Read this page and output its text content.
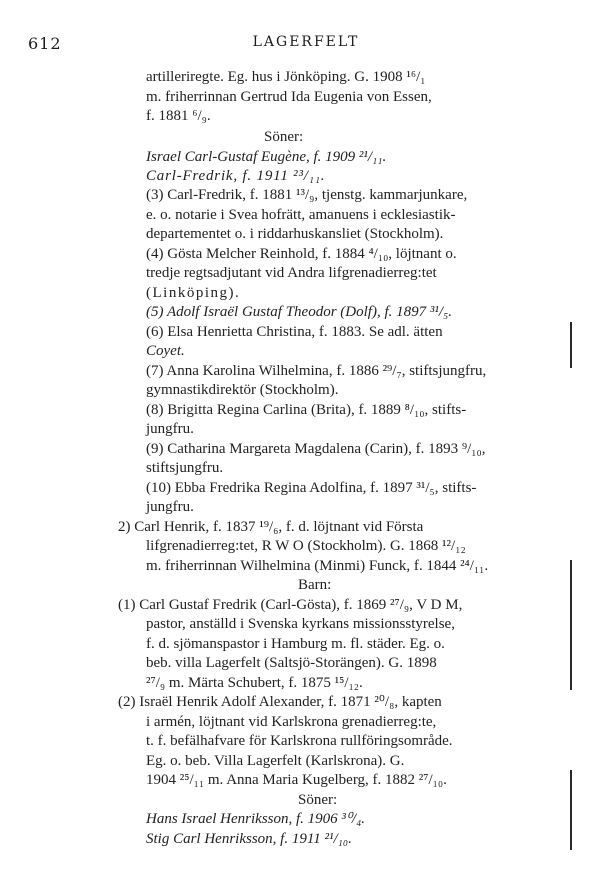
612	LAGERFELT
artilleriregte. Eg. hus i Jönköping. G. 1908 ¹⁶/₁
m. friherrinnan Gertrud Ida Eugenia von Essen,
f. 1881 ⁶/₉.
Söner:
Israel Carl-Gustaf Eugène, f. 1909 ²¹/₁₁.
Carl-Fredrik, f. 1911 ²³/₁₁.
(3) Carl-Fredrik, f. 1881 ¹³/₉, tjenstg. kammarjunkare,
e. o. notarie i Svea hofrätt, amanuens i ecklesiastik-
departementet o. i riddarhuskansliet (Stockholm).
(4) Gösta Melcher Reinhold, f. 1884 ⁴/₁₀, löjtnant o.
tredje regtsadjutant vid Andra lifgrenadierreg:tet
(Linköping).
(5) Adolf Israël Gustaf Theodor (Dolf), f. 1897 ³¹/₅.
(6) Elsa Henrietta Christina, f. 1883. Se adl. ätten
Coyet.
(7) Anna Karolina Wilhelmina, f. 1886 ²⁹/₇, stiftsjungfru,
gymnastikdirektör (Stockholm).
(8) Brigitta Regina Carlina (Brita), f. 1889 ⁸/₁₀, stifts-
jungfru.
(9) Catharina Margareta Magdalena (Carin), f. 1893 ⁹/₁₀,
stiftsjungfru.
(10) Ebba Fredrika Regina Adolfina, f. 1897 ³¹/₅, stifts-
jungfru.
2) Carl Henrik, f. 1837 ¹⁹/₆, f. d. löjtnant vid Första
lifgrenadierreg:tet, R W O (Stockholm). G. 1868 ¹²/₁₂
m. friherrinnan Wilhelmina (Minmi) Funck, f. 1844 ²⁴/₁₁.
Barn:
(1) Carl Gustaf Fredrik (Carl-Gösta), f. 1869 ²⁷/₉, V D M,
pastor, anställd i Svenska kyrkans missionsstyrelse,
f. d. sjömanspastor i Hamburg m. fl. städer. Eg. o.
beb. villa Lagerfelt (Saltsjö-Storängen). G. 1898
²⁷/₉ m. Märta Schubert, f. 1875 ¹⁵/₁₂.
(2) Israël Henrik Adolf Alexander, f. 1871 ²⁰/₈, kapten
i armén, löjtnant vid Karlskrona grenadierreg:te,
t. f. befälhafvare för Karlskrona rullföringsområde.
Eg. o. beb. Villa Lagerfelt (Karlskrona). G.
1904 ²⁵/₁₁ m. Anna Maria Kugelberg, f. 1882 ²⁷/₁₀.
Söner:
Hans Israel Henriksson, f. 1906 ³⁰/₄.
Stig Carl Henriksson, f. 1911 ²¹/₁₀.
